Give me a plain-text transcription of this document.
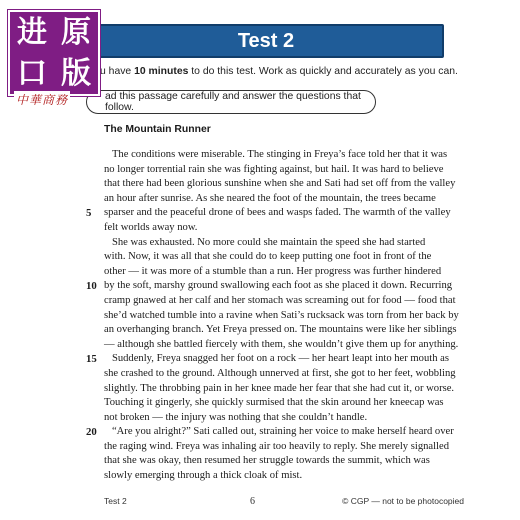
进 原
口 版
中華商務
Test 2
u have 10 minutes to do this test. Work as quickly and accurately as you can.
ad this passage carefully and answer the questions that follow.
The Mountain Runner
The conditions were miserable. The stinging in Freya’s face told her that it was
no longer torrential rain she was fighting against, but hail. It was hard to believe
that there had been glorious sunshine when she and Sati had set off from the valley
an hour after sunrise. As she neared the foot of the mountain, the trees became
5 sparser and the peaceful drone of bees and wasps faded. The warmth of the valley
felt worlds away now.
She was exhausted. No more could she maintain the speed she had started
with. Now, it was all that she could do to keep putting one foot in front of the
other — it was more of a stumble than a run. Her progress was further hindered
10 by the soft, marshy ground swallowing each foot as she placed it down. Recurring
cramp gnawed at her calf and her stomach was screaming out for food — food that
she’d watched tumble into a ravine when Sati’s rucksack was torn from her back by
an overhanging branch. Yet Freya pressed on. The mountains were like her siblings
— although she battled fiercely with them, she wouldn’t give them up for anything.
15 Suddenly, Freya snagged her foot on a rock — her heart leapt into her mouth as
she crashed to the ground. Although unnerved at first, she got to her feet, wobbling
slightly. The throbbing pain in her knee made her fear that she had cut it, or worse.
Touching it gingerly, she quickly surmised that the skin around her kneecap was
not broken — the injury was nothing that she couldn’t handle.
20 “Are you alright?” Sati called out, straining her voice to make herself heard over
the raging wind. Freya was inhaling air too heavily to reply. She merely signalled
that she was okay, then resumed her struggle towards the summit, which was
slowly emerging through a thick cloak of mist.
Test 2	6	© CGP — not to be photocopied
